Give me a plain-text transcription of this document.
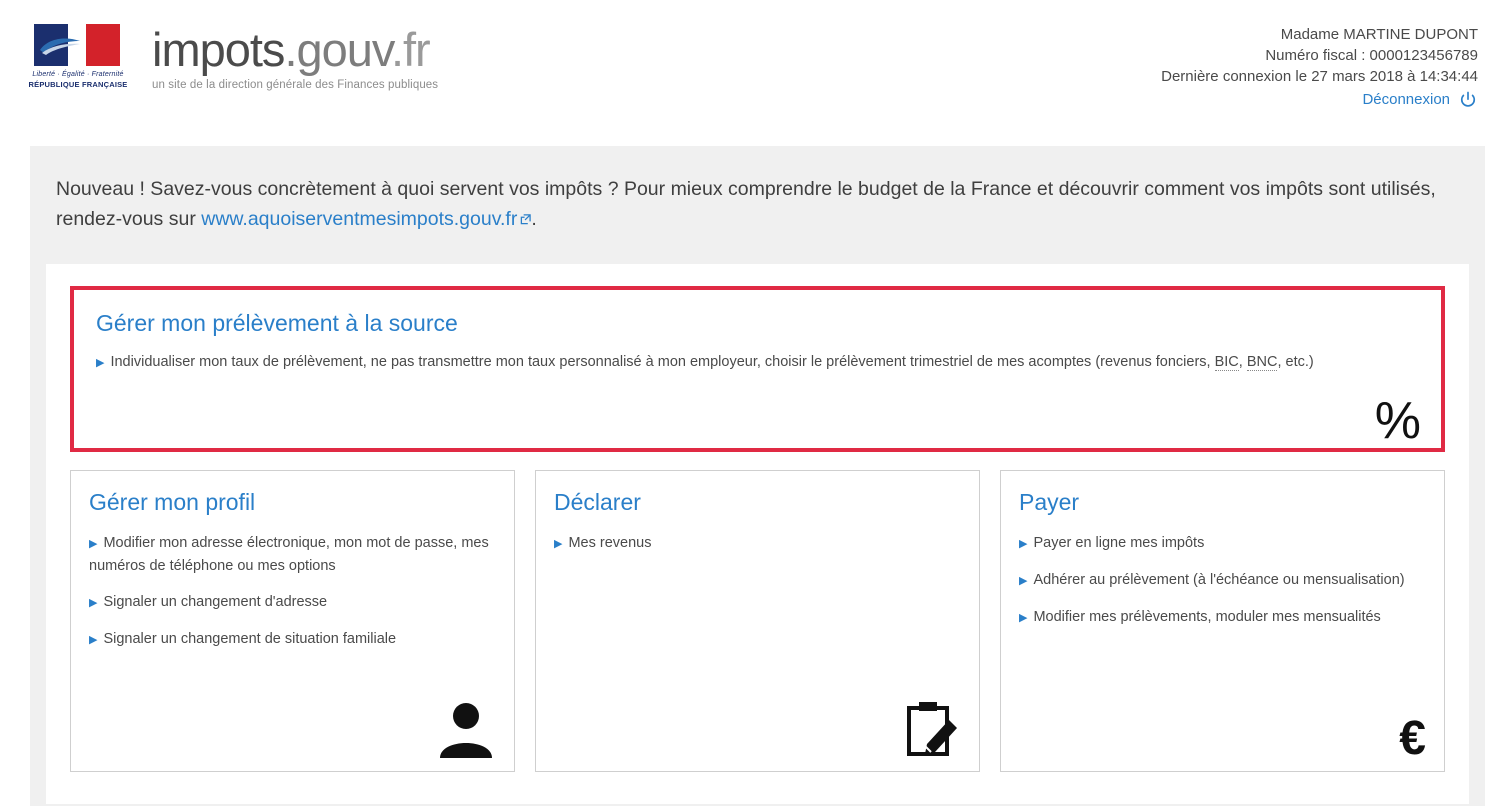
Liberté · Égalité · Fraternité
RÉPUBLIQUE FRANÇAISE
impots.gouv.fr
un site de la direction générale des Finances publiques
Madame MARTINE DUPONT
Numéro fiscal : 0000123456789
Dernière connexion le 27 mars 2018 à 14:34:44
Déconnexion
Nouveau ! Savez-vous concrètement à quoi servent vos impôts ? Pour mieux comprendre le budget de la France et découvrir comment vos impôts sont utilisés, rendez-vous sur www.aquoiserventmesimpots.gouv.fr .
Gérer mon prélèvement à la source
▶ Individualiser mon taux de prélèvement, ne pas transmettre mon taux personnalisé à mon employeur, choisir le prélèvement trimestriel de mes acomptes (revenus fonciers, BIC, BNC, etc.)
%
Gérer mon profil
▶ Modifier mon adresse électronique, mon mot de passe, mes numéros de téléphone ou mes options
▶ Signaler un changement d'adresse
▶ Signaler un changement de situation familiale
Déclarer
▶ Mes revenus
Payer
▶ Payer en ligne mes impôts
▶ Adhérer au prélèvement (à l'échéance ou mensualisation)
▶ Modifier mes prélèvements, moduler mes mensualités
€
